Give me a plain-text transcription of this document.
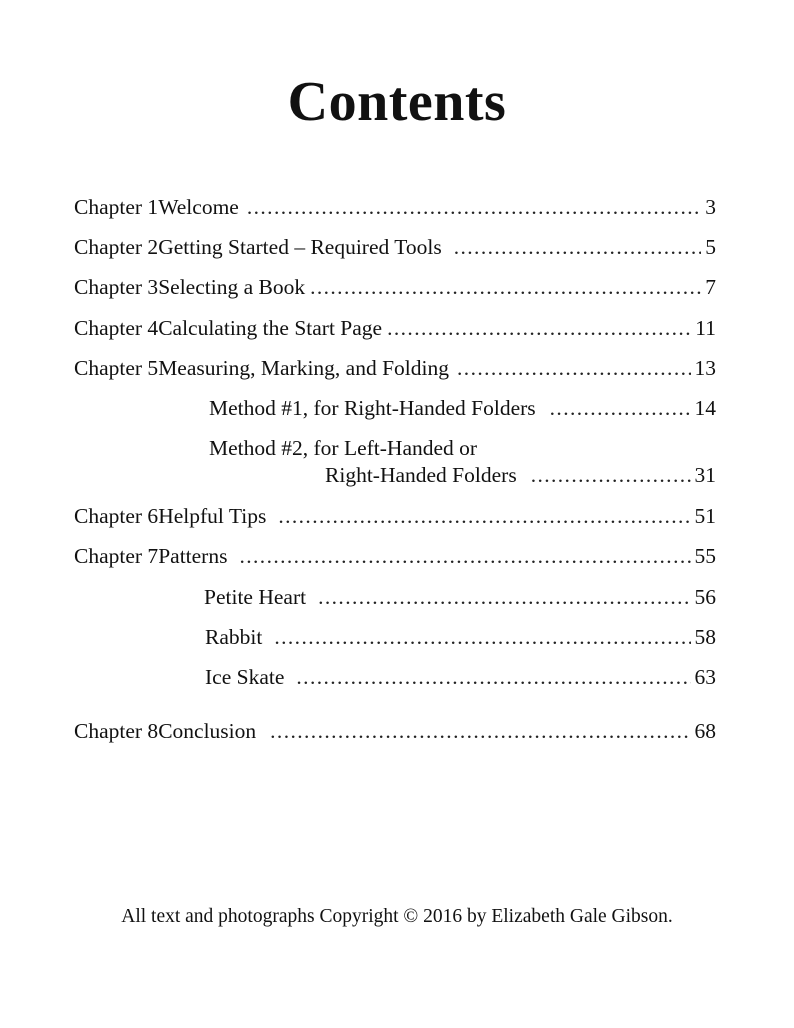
Contents
Chapter 1 Welcome .....	3
Chapter 2 Getting Started – Required Tools .....	5
Chapter 3 Selecting a Book .....	7
Chapter 4 Calculating the Start Page .....	11
Chapter 5 Measuring, Marking, and Folding .....	13
Method #1, for Right-Handed Folders .....	14
Method #2, for Left-Handed or
Right-Handed Folders .....	31
Chapter 6 Helpful Tips .....	51
Chapter 7 Patterns .....	55
Petite Heart .....	56
Rabbit .....	58
Ice Skate .....	63
Chapter 8 Conclusion .....	68
All text and photographs Copyright © 2016 by Elizabeth Gale Gibson.
